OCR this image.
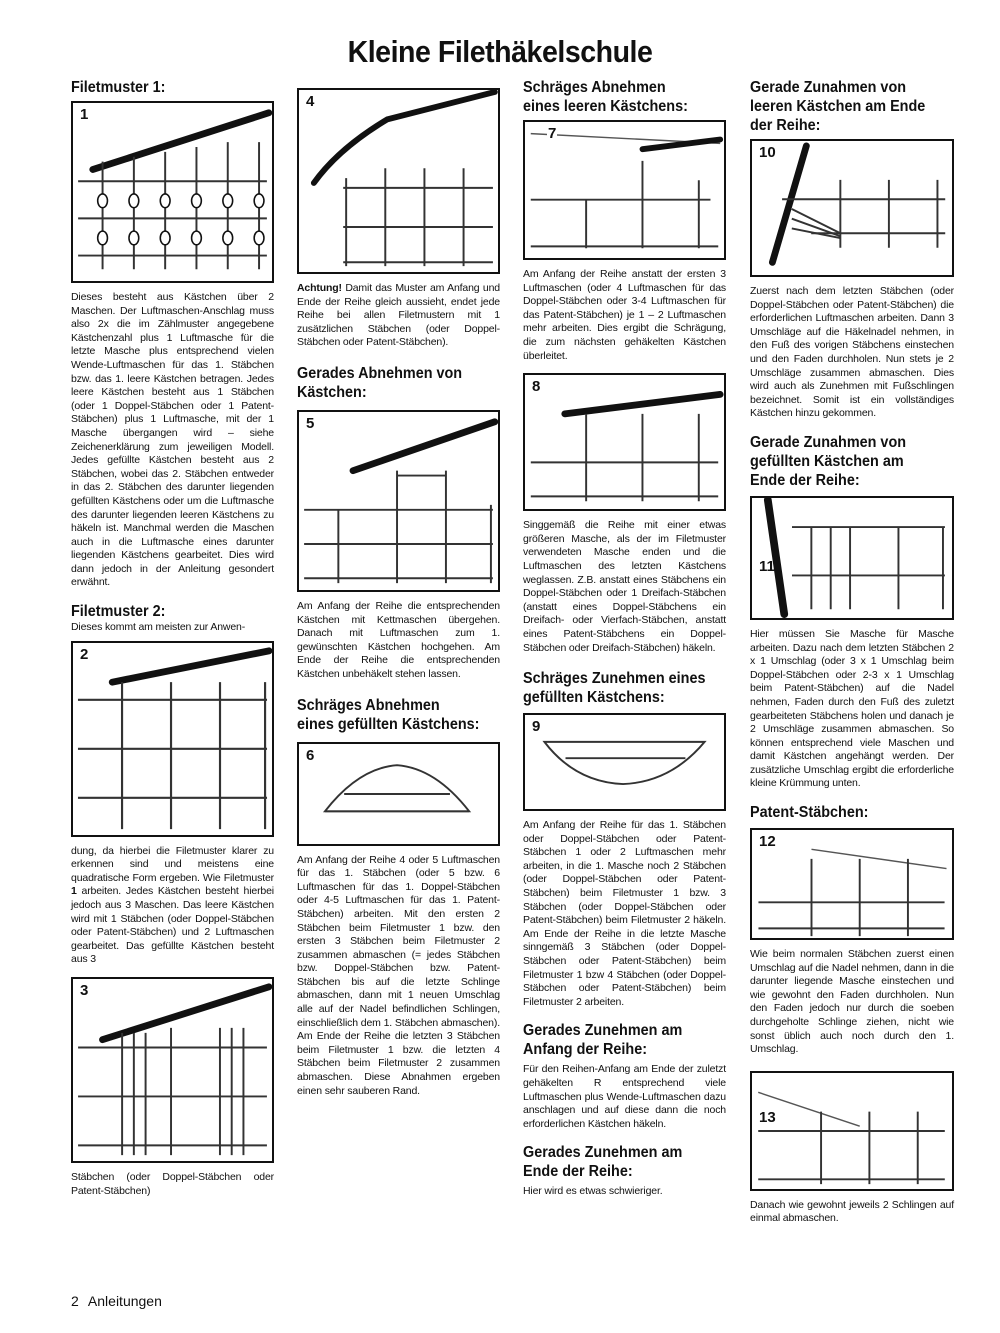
Kleine Filethäkelschule
Filetmuster 1:
1

Dieses besteht aus Kästchen über 2 Maschen. Der Luftmaschen-Anschlag muss also 2x die im Zählmuster angegebene Kästchenzahl plus 1 Luftmasche für die letzte Masche plus entsprechend vielen Wende-Luftmaschen für das 1. Stäbchen bzw. das 1. leere Kästchen betragen. Jedes leere Kästchen besteht aus 1 Stäbchen (oder 1 Doppel-Stäbchen oder 1 Patent-Stäbchen) plus 1 Luftmasche, mit der 1 Masche übergangen wird – siehe Zeichenerklärung zum jeweiligen Modell. Jedes gefüllte Kästchen besteht aus 2 Stäbchen, wobei das 2. Stäbchen entweder in das 2. Stäbchen des darunter liegenden gefüllten Kästchens oder um die Luftmasche des darunter liegenden leeren Kästchens zu häkeln ist. Manchmal werden die Maschen auch in die Luftmasche eines darunter liegenden Kästchens gearbeitet. Dies wird dann jedoch in der Anleitung gesondert erwähnt.

Filetmuster 2:

Dieses kommt am meisten zur Anwen-

2

dung, da hierbei die Filetmuster klarer zu erkennen sind und meistens eine quadratische Form ergeben. Wie Filetmuster 1 arbeiten. Jedes Kästchen besteht hierbei jedoch aus 3 Maschen. Das leere Kästchen wird mit 1 Stäbchen (oder Doppel-Stäbchen oder Patent-Stäbchen) und 2 Luftmaschen gearbeitet. Das gefüllte Kästchen besteht aus 3

3

Stäbchen (oder Doppel-Stäbchen oder Patent-Stäbchen)

4

Achtung! Damit das Muster am Anfang und Ende der Reihe gleich aussieht, endet jede Reihe bei allen Filetmustern mit 1 zusätzlichen Stäbchen (oder Doppel-Stäbchen oder Patent-Stäbchen).

Gerades Abnehmen von Kästchen:
5

Am Anfang der Reihe die entsprechenden Kästchen mit Kettmaschen übergehen. Danach mit Luftmaschen zum 1. gewünschten Kästchen hochgehen. Am Ende der Reihe die entsprechenden Kästchen unbehäkelt stehen lassen.

Schräges Abnehmen eines gefüllten Kästchens:
6

Am Anfang der Reihe 4 oder 5 Luftmaschen für das 1. Stäbchen (oder 5 bzw. 6 Luftmaschen für das 1. Doppel-Stäbchen oder 4-5 Luftmaschen für das 1. Patent-Stäbchen) arbeiten. Mit den ersten 2 Stäbchen beim Filetmuster 1 bzw. den ersten 3 Stäbchen beim Filetmuster 2 zusammen abmaschen (= jedes Stäbchen bzw. Doppel-Stäbchen bzw. Patent-Stäbchen bis auf die letzte Schlinge abmaschen, dann mit 1 neuen Umschlag alle auf der Nadel befindlichen Schlingen, einschließlich dem 1. Stäbchen abmaschen). Am Ende der Reihe die letzten 3 Stäbchen beim Filetmuster 1 bzw. die letzten 4 Stäbchen beim Filetmuster 2 zusammen abmaschen. Diese Abnahmen ergeben einen sehr sauberen Rand.

Schräges Abnehmen eines leeren Kästchens:
7

Am Anfang der Reihe anstatt der ersten 3 Luftmaschen (oder 4 Luftmaschen für das Doppel-Stäbchen oder 3-4 Luftmaschen für das Patent-Stäbchen) je 1 – 2 Luftmaschen mehr arbeiten. Dies ergibt die Schrägung, die zum nächsten gehäkelten Kästchen überleitet.

8

Singgemäß die Reihe mit einer etwas größeren Masche, als der im Filetmuster verwendeten Masche enden und die Luftmaschen des letzten Kästchens weglassen. Z.B. anstatt eines Stäbchens ein Doppel-Stäbchen oder 1 Dreifach-Stäbchen (anstatt eines Doppel-Stäbchens ein Dreifach- oder Vierfach-Stäbchen, anstatt eines Patent-Stäbchens ein Doppel-Stäbchen oder Dreifach-Stäbchen) häkeln.

Schräges Zunehmen eines gefüllten Kästchens:
9

Am Anfang der Reihe für das 1. Stäbchen oder Doppel-Stäbchen oder Patent-Stäbchen 1 oder 2 Luftmaschen mehr arbeiten, in die 1. Masche noch 2 Stäbchen (oder Doppel-Stäbchen oder Patent-Stäbchen) beim Filetmuster 1 bzw. 3 Stäbchen (oder Doppel-Stäbchen oder Patent-Stäbchen) beim Filetmuster 2 häkeln. Am Ende der Reihe in die letzte Masche sinngemäß 3 Stäbchen (oder Doppel-Stäbchen oder Patent-Stäbchen) beim Filetmuster 1 bzw 4 Stäbchen (oder Doppel-Stäbchen oder Patent-Stäbchen) beim Filetmuster 2 arbeiten.

Gerades Zunehmen am Anfang der Reihe:

Für den Reihen-Anfang am Ende der zuletzt gehäkelten R entsprechend viele Luftmaschen plus Wende-Luftmaschen dazu anschlagen und auf diese dann die noch erforderlichen Kästchen häkeln.

Gerades Zunehmen am Ende der Reihe:

Hier wird es etwas schwieriger.

Gerade Zunahmen von leeren Kästchen am Ende der Reihe:
10

Zuerst nach dem letzten Stäbchen (oder Doppel-Stäbchen oder Patent-Stäbchen) die erforderlichen Luftmaschen arbeiten. Dann 3 Umschläge auf die Häkelnadel nehmen, in den Fuß des vorigen Stäbchens einstechen und den Faden durchholen. Nun stets je 2 Umschläge zusammen abmaschen. Dies wird auch als Zunehmen mit Fußschlingen bezeichnet. Somit ist ein vollständiges Kästchen hinzu gekommen.

Gerade Zunahmen von gefüllten Kästchen am Ende der Reihe:
11

Hier müssen Sie Masche für Masche arbeiten. Dazu nach dem letzten Stäbchen 2 x 1 Umschlag (oder 3 x 1 Umschlag beim Doppel-Stäbchen oder 2-3 x 1 Umschlag beim Patent-Stäbchen) auf die Nadel nehmen, Faden durch den Fuß des zuletzt gearbeiteten Stäbchens holen und danach je 2 Umschläge zusammen abmaschen. So können entsprechend viele Maschen und damit Kästchen angehängt werden. Der zusätzliche Umschlag ergibt die erforderliche kleine Krümmung unten.

Patent-Stäbchen:
12

Wie beim normalen Stäbchen zuerst einen Umschlag auf die Nadel nehmen, dann in die darunter liegende Masche einstechen und wie gewohnt den Faden durchholen. Nun den Faden jedoch nur durch die soeben durchgeholte Schlinge ziehen, nicht wie sonst üblich auch noch durch den 1. Umschlag.

13

Danach wie gewohnt jeweils 2 Schlingen auf einmal abmaschen.

2 Anleitungen
